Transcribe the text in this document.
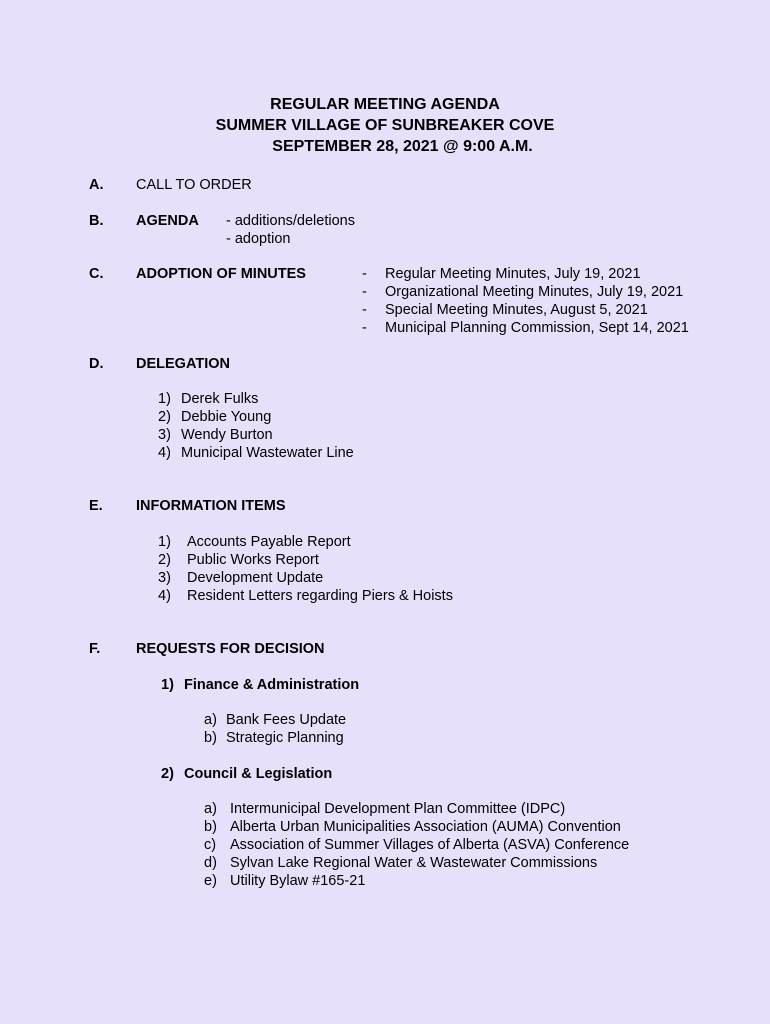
REGULAR MEETING AGENDA
SUMMER VILLAGE OF SUNBREAKER COVE
SEPTEMBER 28, 2021 @ 9:00 A.M.
A. CALL TO ORDER
B. AGENDA - additions/deletions
- adoption
C. ADOPTION OF MINUTES	- Regular Meeting Minutes, July 19, 2021
- Organizational Meeting Minutes, July 19, 2021
- Special Meeting Minutes, August 5, 2021
- Municipal Planning Commission, Sept 14, 2021
D. DELEGATION
1) Derek Fulks
2) Debbie Young
3) Wendy Burton
4) Municipal Wastewater Line
E. INFORMATION ITEMS
1) Accounts Payable Report
2) Public Works Report
3) Development Update
4) Resident Letters regarding Piers & Hoists
F. REQUESTS FOR DECISION
1) Finance & Administration
a) Bank Fees Update
b) Strategic Planning
2) Council & Legislation
a) Intermunicipal Development Plan Committee (IDPC)
b) Alberta Urban Municipalities Association (AUMA) Convention
c) Association of Summer Villages of Alberta (ASVA) Conference
d) Sylvan Lake Regional Water & Wastewater Commissions
e) Utility Bylaw #165-21
